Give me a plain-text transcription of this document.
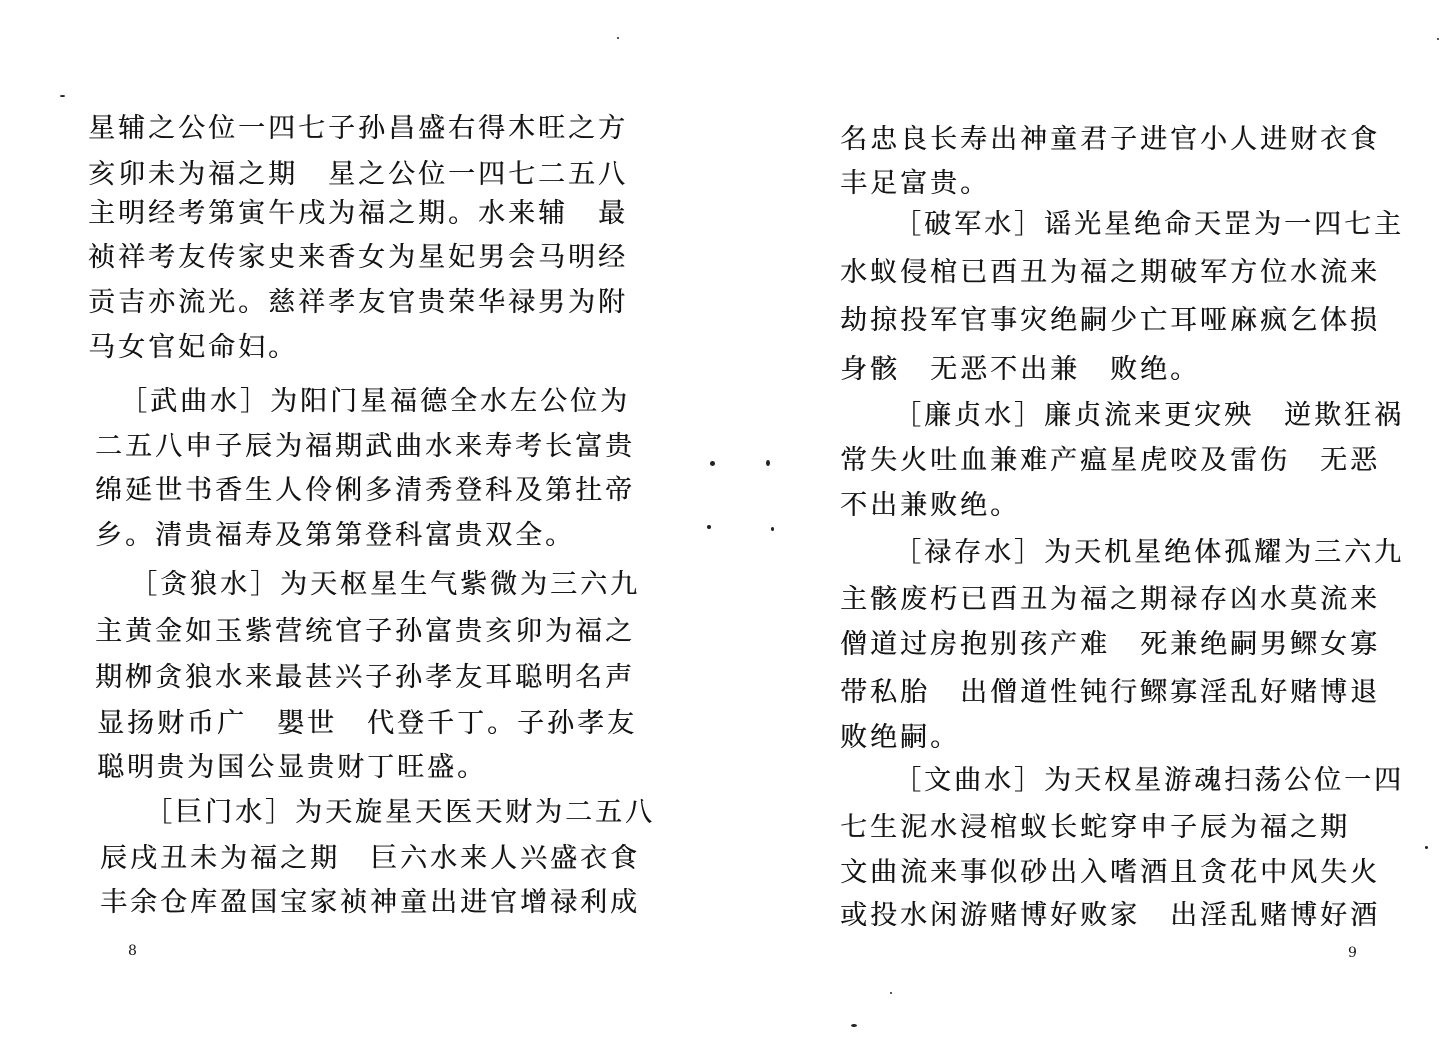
星辅之公位一四七子孙昌盛右得木旺之方
亥卯未为福之期　星之公位一四七二五八
主明经考第寅午戌为福之期。水来辅　最
祯祥考友传家史来香女为星妃男会马明经
贡吉亦流光。慈祥孝友官贵荣华禄男为附
马女官妃命妇。
［武曲水］为阳门星福德全水左公位为
二五八申子辰为福期武曲水来寿考长富贵
绵延世书香生人伶俐多清秀登科及第扗帝
乡。清贵福寿及第第登科富贵双全。
［贪狼水］为天枢星生气紫微为三六九
主黄金如玉紫营统官子孙富贵亥卯为福之
期栁贪狼水来最甚兴子孙孝友耳聪明名声
显扬财币广　嬰世　代登千丁。子孙孝友
聪明贵为国公显贵财丁旺盛。
［巨门水］为天旋星天医天财为二五八
辰戌丑未为福之期　巨六水来人兴盛衣食
丰余仓库盈国宝家祯神童出进官增禄利成
8
名忠良长寿出神童君子进官小人进财衣食
丰足富贵。
［破军水］谣光星绝命天罡为一四七主
水蚁侵棺已酉丑为福之期破军方位水流来
劫掠投军官事灾绝嗣少亡耳哑麻疯乞体损
身骸　无恶不出兼　败绝。
［廉贞水］廉贞流来更灾殃　逆欺狂祸
常失火吐血兼难产瘟星虎咬及雷伤　无恶
不出兼败绝。
［禄存水］为天机星绝体孤耀为三六九
主骸废朽已酉丑为福之期禄存凶水莫流来
僧道过房抱别孩产难　死兼绝嗣男鳏女寡
带私胎　出僧道性钝行鳏寡淫乱好赌博退
败绝嗣。
［文曲水］为天权星游魂扫荡公位一四
七生泥水浸棺蚁长蛇穿申子辰为福之期
文曲流来事似砂出入嗜酒且贪花中风失火
或投水闲游赌博好败家　出淫乱赌博好酒
9
